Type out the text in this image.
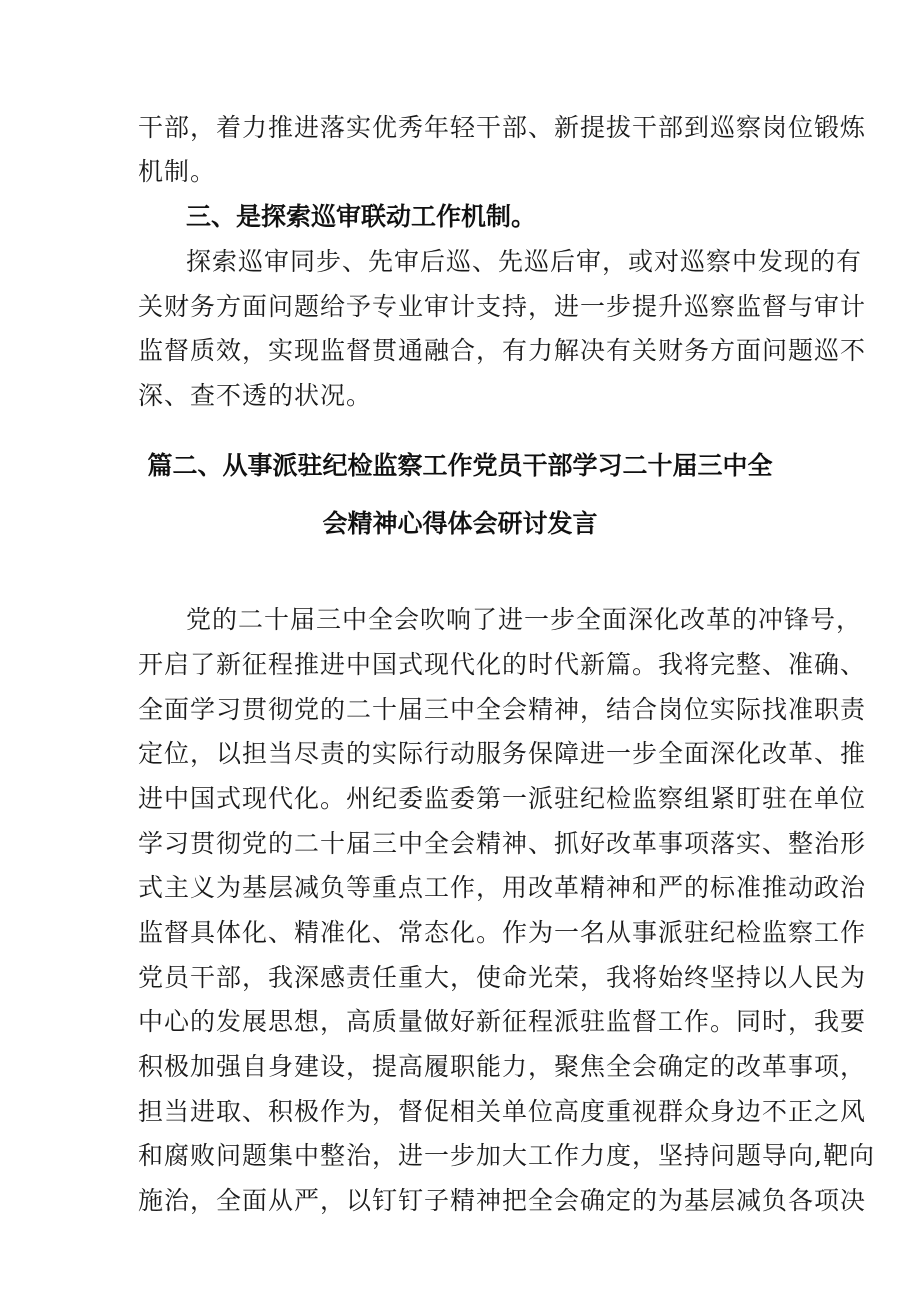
干部，着力推进落实优秀年轻干部、新提拔干部到巡察岗位锻炼
机制。
三、是探索巡审联动工作机制。
探索巡审同步、先审后巡、先巡后审，或对巡察中发现的有
关财务方面问题给予专业审计支持，进一步提升巡察监督与审计
监督质效，实现监督贯通融合，有力解决有关财务方面问题巡不
深、查不透的状况。
篇二、从事派驻纪检监察工作党员干部学习二十届三中全
会精神心得体会研讨发言
党的二十届三中全会吹响了进一步全面深化改革的冲锋号，
开启了新征程推进中国式现代化的时代新篇。我将完整、准确、
全面学习贯彻党的二十届三中全会精神，结合岗位实际找准职责
定位，以担当尽责的实际行动服务保障进一步全面深化改革、推
进中国式现代化。州纪委监委第一派驻纪检监察组紧盯驻在单位
学习贯彻党的二十届三中全会精神、抓好改革事项落实、整治形
式主义为基层减负等重点工作，用改革精神和严的标准推动政治
监督具体化、精准化、常态化。作为一名从事派驻纪检监察工作
党员干部，我深感责任重大，使命光荣，我将始终坚持以人民为
中心的发展思想，高质量做好新征程派驻监督工作。同时，我要
积极加强自身建设，提高履职能力，聚焦全会确定的改革事项，
担当进取、积极作为，督促相关单位高度重视群众身边不正之风
和腐败问题集中整治，进一步加大工作力度，坚持问题导向,靶向
施治，全面从严，以钉钉子精神把全会确定的为基层减负各项决
